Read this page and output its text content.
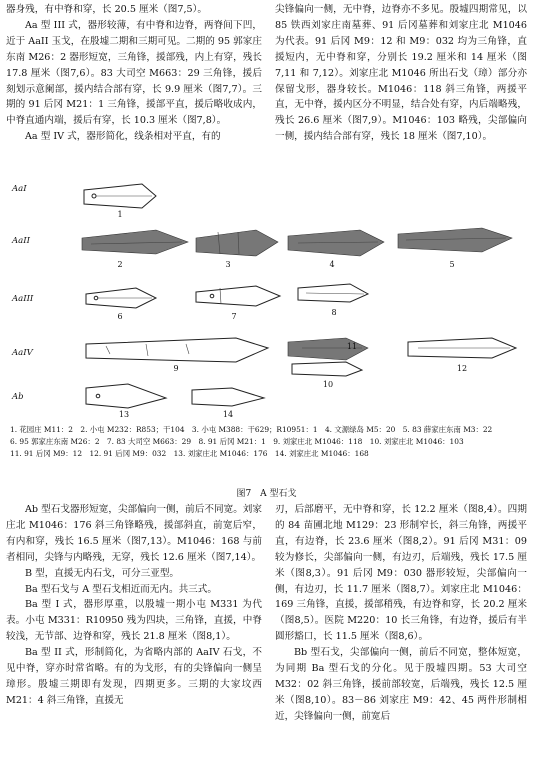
器身残，有中脊和穿，长 20.5 厘米（图7,5）。

Aa 型 III 式，器形较薄，有中脊和边脊，两脊间下凹，近于 AaII 玉戈，在殷墟二期和三期可见。二期的 95 郭家庄东南 M26：2 器形短宽，三角锋，援部残，内上有穿，残长 17.8 厘米（图7,6）。83 大司空 M663：29 三角锋，援后刻划示意阑部，援内结合部有穿，长 9.9 厘米（图7,7）。三期的 91 后冈 M21：1 三角锋，援部平直，援后略收成内，中脊直通内端，援后有穿，长 10.3 厘米（图7,8）。

Aa 型 IV 式，器形简化，线条相对平直，有的

尖锋偏向一侧，无中脊，边脊亦不多见。殷墟四期常见，以 85 铁西刘家庄南墓葬、91 后冈墓葬和刘家庄北 M1046 为代表。91 后冈 M9：12 和 M9：032 均为三角锋，直援短内，无中脊和穿，分别长 19.2 厘米和 14 厘米（图7,11 和 7,12）。刘家庄北 M1046 所出石戈（璋）部分亦保留戈形，器身较长。M1046：118 斜三角锋，两援平直，无中脊，援内区分不明显，结合处有穿，内后端略残，残长 26.6 厘米（图7,9）。M1046：103 略残，尖部偏向一侧，援内结合部有穿，残长 18 厘米（图7,10）。

AaI
AaII
AaIII
AaIV
Ab
1
2	3	4	5
6	7	8
9
10
11
12
13	14
1. 花园庄 M11：2　2. 小屯 M232：R853；干104　3. 小屯 M388：干629；R10951：1　4. 文源绿岛 M5：20　5. 83 薛家庄东南 M3：22
6. 95 郭家庄东南 M26：2　7. 83 大司空 M663：29　8. 91 后冈 M21：1　9. 刘家庄北 M1046：118　10. 刘家庄北 M1046：103
11. 91 后冈 M9：12　12. 91 后冈 M9：032　13. 刘家庄北 M1046：176　14. 刘家庄北 M1046：168
图7　A 型石戈

Ab 型石戈器形短宽，尖部偏向一侧，前后不同宽。刘家庄北 M1046：176 斜三角锋略残，援部斜直，前宽后窄，有内和穿，残长 16.5 厘米（图7,13）。M1046：168 与前者相同，尖锋与内略残，无穿，残长 12.6 厘米（图7,14）。

B 型，直援无内石戈，可分三亚型。

Ba 型石戈与 A 型石戈相近而无内。共三式。

Ba 型 I 式，器形厚重，以殷墟一期小屯 M331 为代表。小屯 M331：R10950 残为四块，三角锋，直援，中脊较浅，无节部、边脊和穿，残长 21.8 厘米（图8,1）。

Ba 型 II 式，形制简化，为省略内部的 AaIV 石戈，不见中脊，穿亦时常省略。有的为戈形，有的尖锋偏向一侧呈璋形。殷墟三期即有发现，四期更多。三期的大家坟西 M21：4 斜三角锋，直援无

刃，后部磨平，无中脊和穿，长 12.2 厘米（图8,4）。四期的 84 苗圃北地 M129：23 形制窄长，斜三角锋，两援平直，有边脊，长 23.6 厘米（图8,2）。91 后冈 M31：09 较为修长，尖部偏向一侧，有边刃，后端残，残长 17.5 厘米（图8,3）。91 后冈 M9：030 器形较短，尖部偏向一侧，有边刃，长 11.7 厘米（图8,7）。刘家庄北 M1046：169 三角锋，直援，援部稍残，有边脊和穿，长 20.2 厘米（图8,5）。医院 M220：10 长三角锋，有边脊，援后有半圆形豁口，长 11.5 厘米（图8,6）。

Bb 型石戈，尖部偏向一侧，前后不同宽，整体短宽，为同期 Ba 型石戈的分化。见于殷墟四期。53 大司空 M32：02 斜三角锋，援前部较宽，后端残，残长 12.5 厘米（图8,10）。83－86 刘家庄 M9：42、45 两件形制相近，尖锋偏向一侧，前宽后
